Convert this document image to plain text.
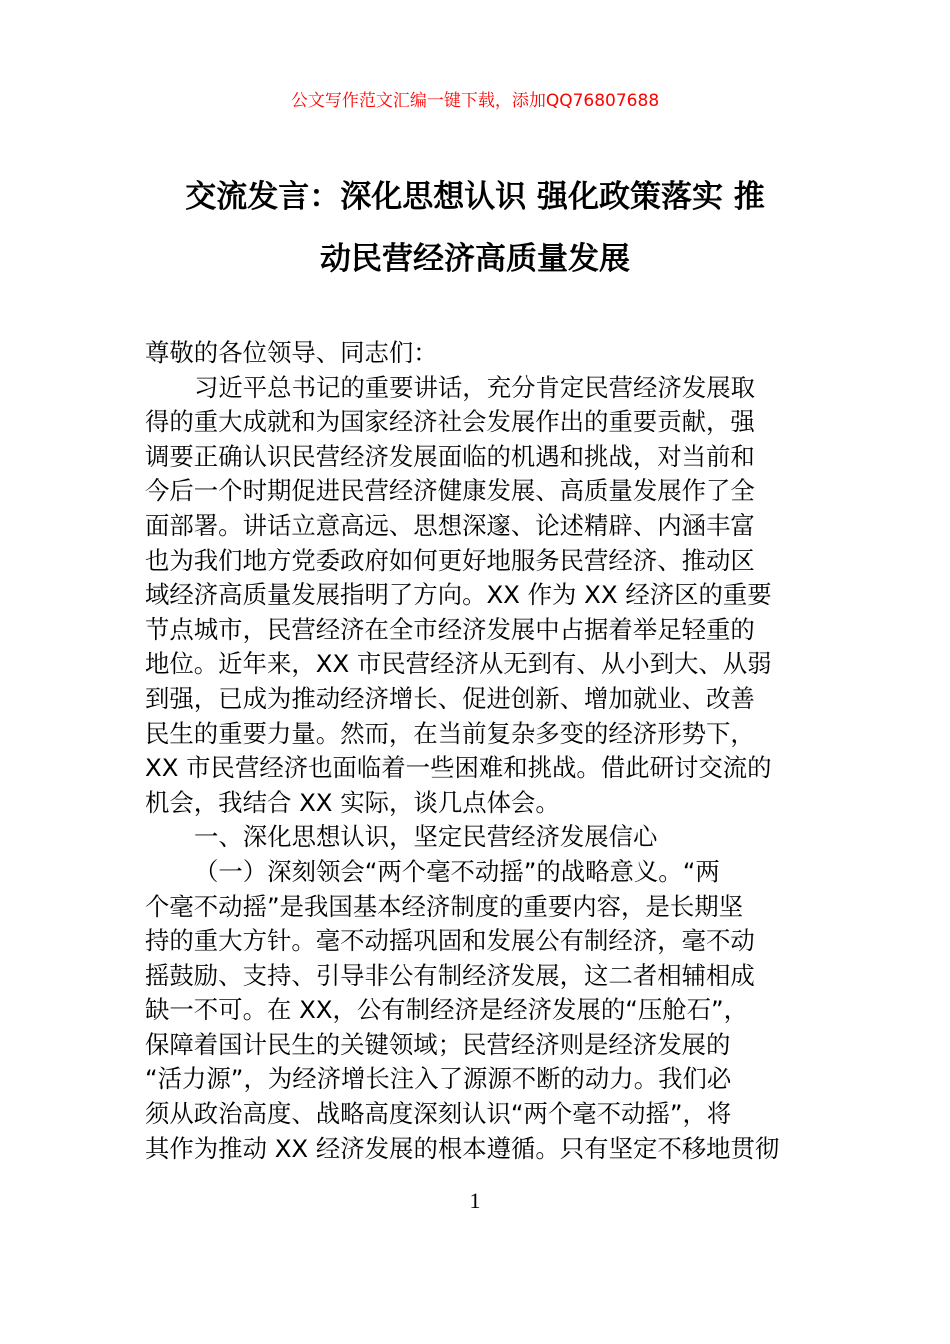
公文写作范文汇编一键下载，添加QQ76807688
交流发言：深化思想认识 强化政策落实 推
动民营经济高质量发展
尊敬的各位领导、同志们：
习近平总书记的重要讲话，充分肯定民营经济发展取
得的重大成就和为国家经济社会发展作出的重要贡献，强
调要正确认识民营经济发展面临的机遇和挑战，对当前和
今后一个时期促进民营经济健康发展、高质量发展作了全
面部署。讲话立意高远、思想深邃、论述精辟、内涵丰富
也为我们地方党委政府如何更好地服务民营经济、推动区
域经济高质量发展指明了方向。XX 作为 XX 经济区的重要
节点城市，民营经济在全市经济发展中占据着举足轻重的
地位。近年来，XX 市民营经济从无到有、从小到大、从弱
到强，已成为推动经济增长、促进创新、增加就业、改善
民生的重要力量。然而，在当前复杂多变的经济形势下，
XX 市民营经济也面临着一些困难和挑战。借此研讨交流的
机会，我结合 XX 实际，谈几点体会。
一、深化思想认识，坚定民营经济发展信心
（一）深刻领会“两个毫不动摇”的战略意义。“两
个毫不动摇”是我国基本经济制度的重要内容，是长期坚
持的重大方针。毫不动摇巩固和发展公有制经济，毫不动
摇鼓励、支持、引导非公有制经济发展，这二者相辅相成
缺一不可。在 XX，公有制经济是经济发展的“压舱石”，
保障着国计民生的关键领域；民营经济则是经济发展的
“活力源”，为经济增长注入了源源不断的动力。我们必
须从政治高度、战略高度深刻认识“两个毫不动摇”，将
其作为推动 XX 经济发展的根本遵循。只有坚定不移地贯彻
1
